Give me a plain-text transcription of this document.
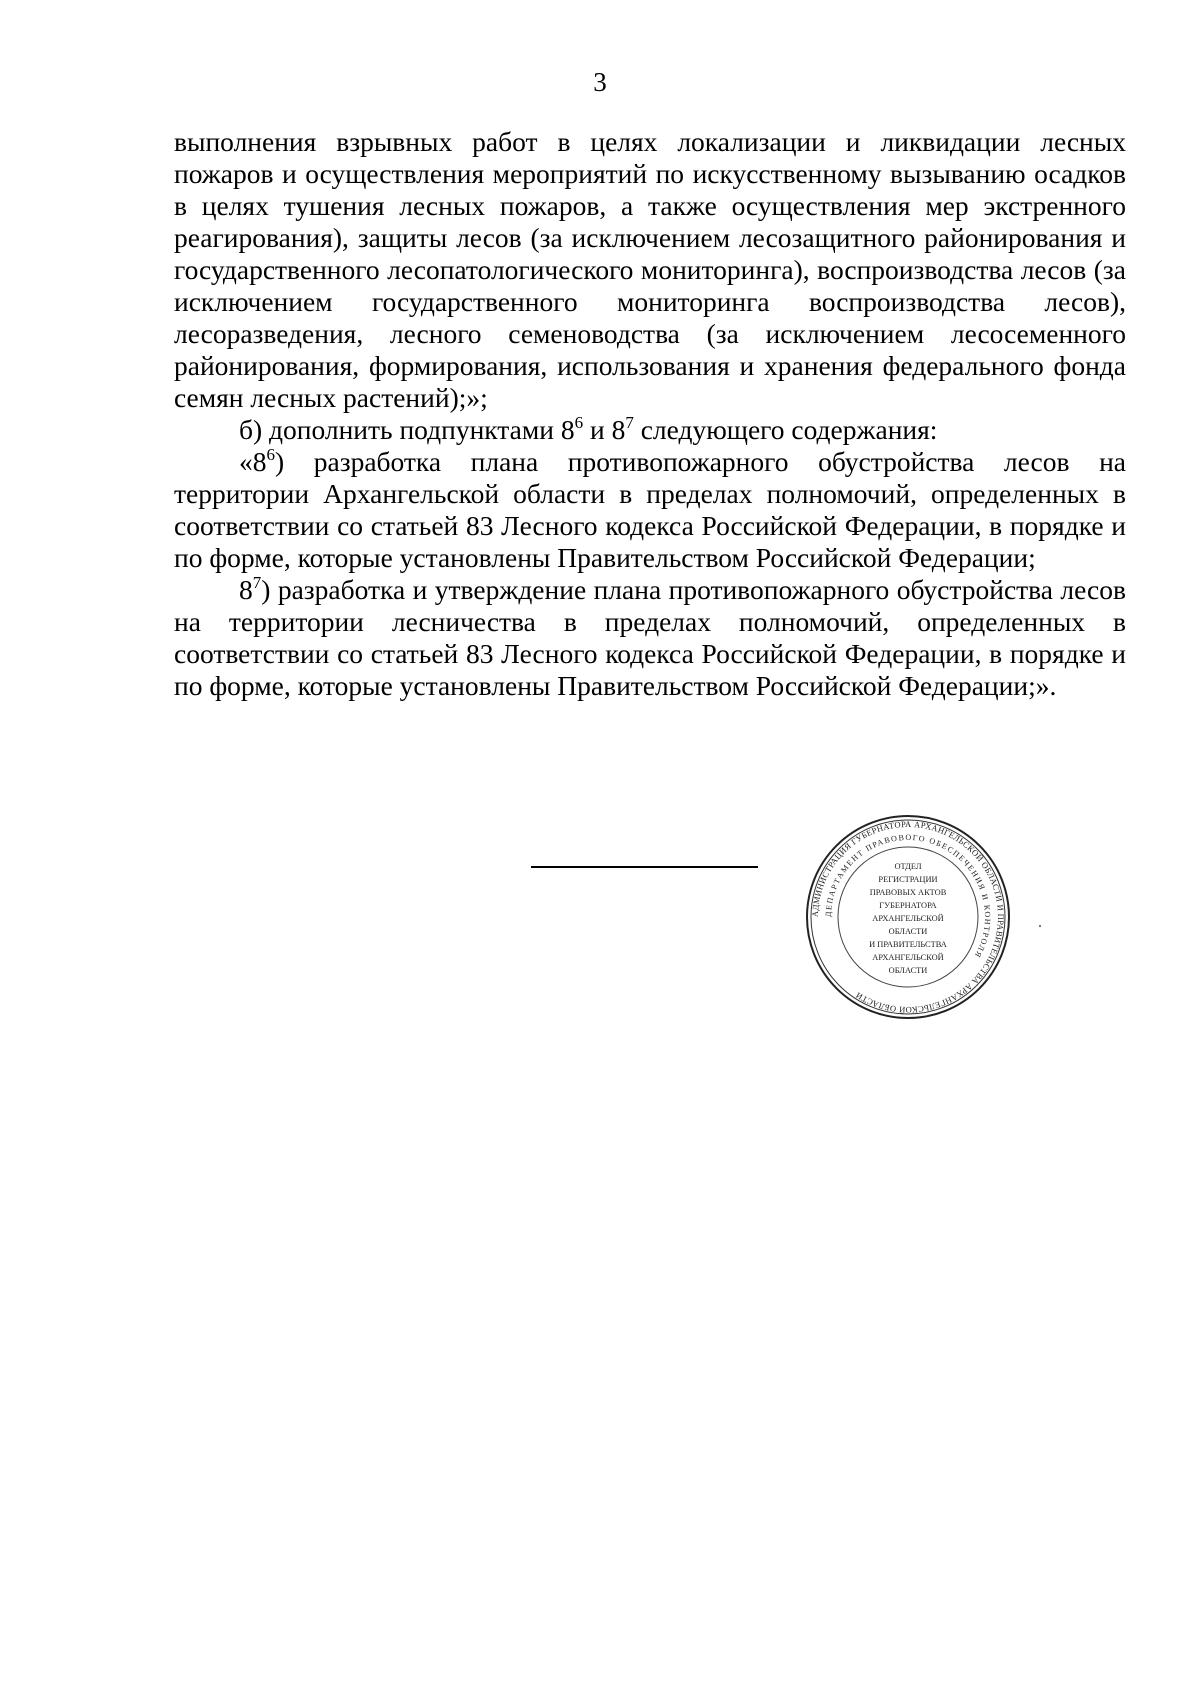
3

выполнения взрывных работ в целях локализации и ликвидации лесных пожаров и осуществления мероприятий по искусственному вызыванию осадков в целях тушения лесных пожаров, а также осуществления мер экстренного реагирования), защиты лесов (за исключением лесозащитного районирования и государственного лесопатологического мониторинга), воспроизводства лесов (за исключением государственного мониторинга воспроизводства лесов), лесоразведения, лесного семеноводства (за исключением лесосеменного районирования, формирования, использования и хранения федерального фонда семян лесных растений);»;

б) дополнить подпунктами $8^6$ и $8^7$ следующего содержания:

«$8^6$) разработка плана противопожарного обустройства лесов на территории Архангельской области в пределах полномочий, определенных в соответствии со статьей 83 Лесного кодекса Российской Федерации, в порядке и по форме, которые установлены Правительством Российской Федерации;

$8^7$) разработка и утверждение плана противопожарного обустройства лесов на территории лесничества в пределах полномочий, определенных в соответствии со статьей 83 Лесного кодекса Российской Федерации, в порядке и по форме, которые установлены Правительством Российской Федерации;».

АДМИНИСТРАЦИЯ ГУБЕРНАТОРА АРХАНГЕЛЬСКОЙ ОБЛАСТИ И ПРАВИТЕЛЬСТВА АРХАНГЕЛЬСКОЙ ОБЛАСТИ
ДЕПАРТАМЕНТ ПРАВОВОГО ОБЕСПЕЧЕНИЯ И КОНТРОЛЯ
ОТДЕЛ
РЕГИСТРАЦИИ
ПРАВОВЫХ АКТОВ
ГУБЕРНАТОРА
АРХАНГЕЛЬСКОЙ
ОБЛАСТИ
И ПРАВИТЕЛЬСТВА
АРХАНГЕЛЬСКОЙ
ОБЛАСТИ
